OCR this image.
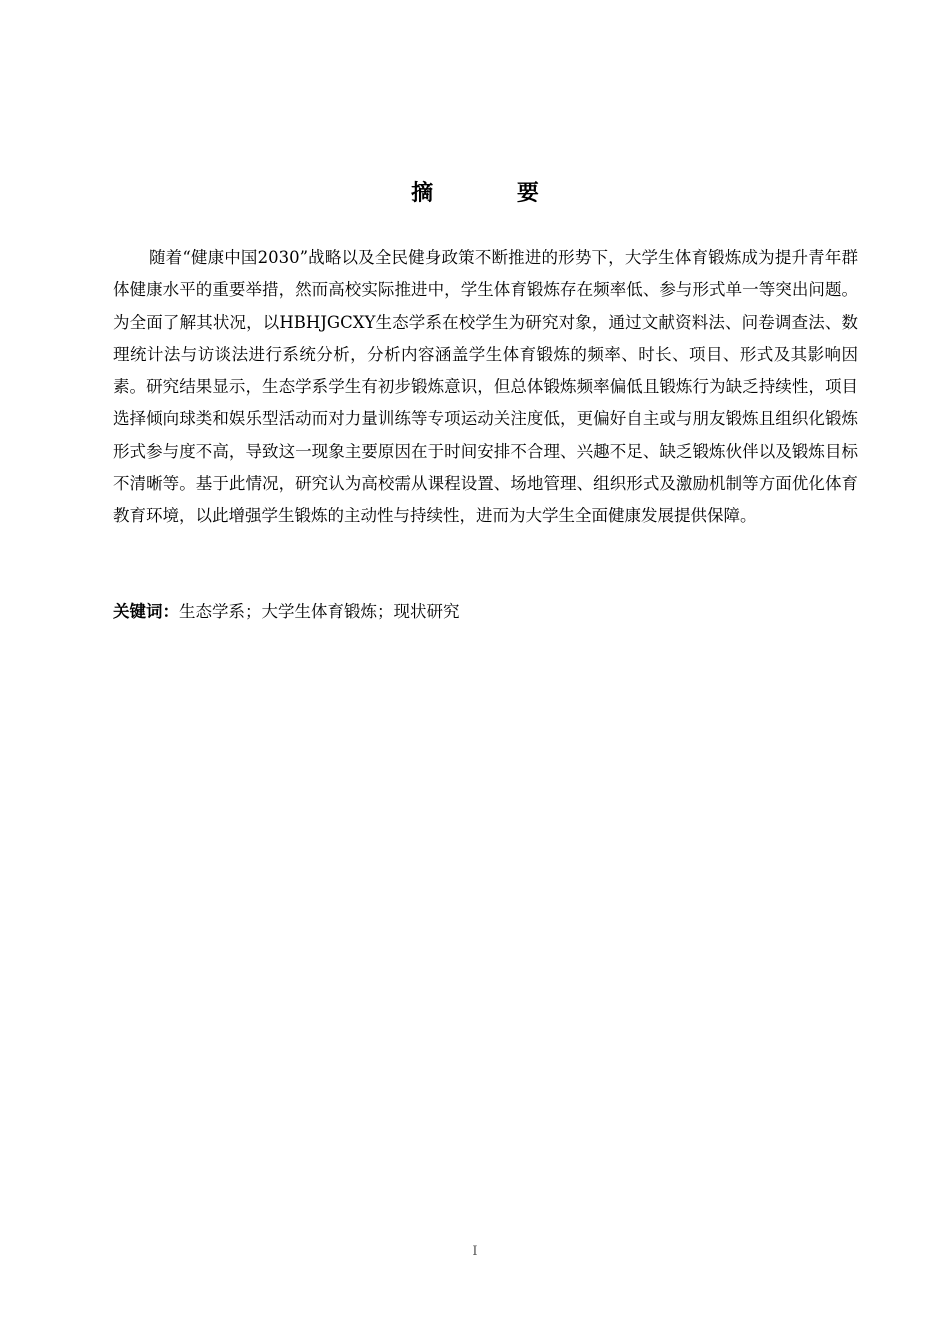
摘 要

随着“健康中国2030”战略以及全民健身政策不断推进的形势下，大学生体育锻炼成为提升青年群体健康水平的重要举措，然而高校实际推进中，学生体育锻炼存在频率低、参与形式单一等突出问题。为全面了解其状况，以HBHJGCXY生态学系在校学生为研究对象，通过文献资料法、问卷调查法、数理统计法与访谈法进行系统分析，分析内容涵盖学生体育锻炼的频率、时长、项目、形式及其影响因素。研究结果显示，生态学系学生有初步锻炼意识，但总体锻炼频率偏低且锻炼行为缺乏持续性，项目选择倾向球类和娱乐型活动而对力量训练等专项运动关注度低，更偏好自主或与朋友锻炼且组织化锻炼形式参与度不高，导致这一现象主要原因在于时间安排不合理、兴趣不足、缺乏锻炼伙伴以及锻炼目标不清晰等。基于此情况，研究认为高校需从课程设置、场地管理、组织形式及激励机制等方面优化体育教育环境，以此增强学生锻炼的主动性与持续性，进而为大学生全面健康发展提供保障。

关键词：生态学系；大学生体育锻炼；现状研究

I
